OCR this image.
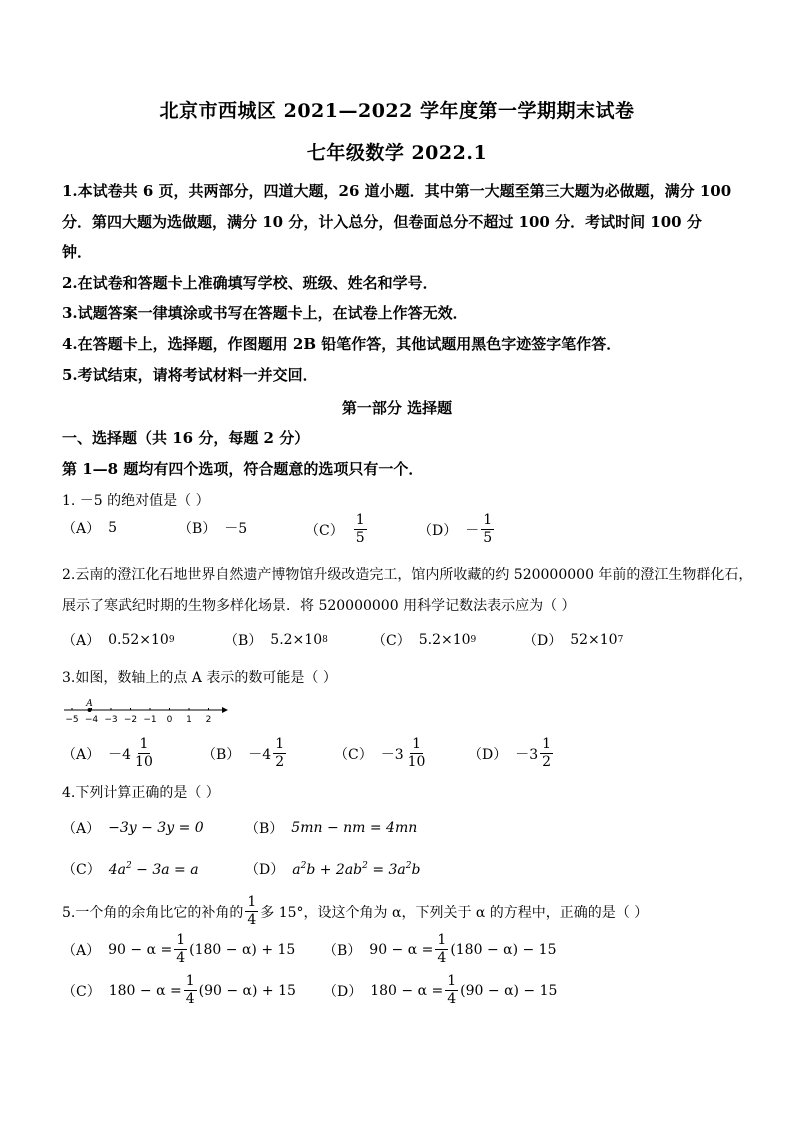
北京市西城区 2021—2022 学年度第一学期期末试卷
七年级数学 2022.1
1.本试卷共 6 页，共两部分，四道大题，26 道小题．其中第一大题至第三大题为必做题，满分 100
分．第四大题为选做题，满分 10 分，计入总分，但卷面总分不超过 100 分．考试时间 100 分
钟．
2.在试卷和答题卡上准确填写学校、班级、姓名和学号．
3.试题答案一律填涂或书写在答题卡上，在试卷上作答无效．
4.在答题卡上，选择题，作图题用 2B 铅笔作答，其他试题用黑色字迹签字笔作答．
5.考试结束，请将考试材料一并交回．
第一部分 选择题
一、选择题（共 16 分，每题 2 分）
第 1—8 题均有四个选项，符合题意的选项只有一个．
1. －5 的绝对值是（ ）
（A） 5	（B） －5	$(C) \frac{1}{5}$	$(D) - \frac{1}{5}$
2.云南的澄江化石地世界自然遗产博物馆升级改造完工，馆内所收藏的约 520000000 年前的澄江生物群化石，
展示了寒武纪时期的生物多样化场景．将 520000000 用科学记数法表示应为（ ）
（A） 0.52×10 9	（B） 5.2×10 8	（C） 5.2×10 9	（D） 52×10 7
3.如图，数轴上的点 A 表示的数可能是（ ）
−5 −4 −3 −2 −1 0 1 2
A
$(A) -4 \frac{1}{10}$	$(B) -4 \frac{1}{2}$	$(C) -3 \frac{1}{10}$	$(D) -3 \frac{1}{2}$
4.下列计算正确的是（ ）
（A） −3y − 3y = 0	（B） 5mn − nm = 4mn
（C） $4a^2 - 3a = a$	（D） $a^2b + 2ab^2 = 3a^2b$
5.一个角的余角比它的补角的 $\frac{1}{4}$ 多 15°，设这个角为 α，下列关于 α 的方程中，正确的是（ ）
（A） $90 - \alpha = \frac{1}{4} (180 - \alpha) + 15$ （B） $90 - \alpha = \frac{1}{4} (180 - \alpha) - 15$
（C） $180 - \alpha = \frac{1}{4} (90 - \alpha) + 15$ （D） $180 - \alpha = \frac{1}{4} (90 - \alpha) - 15$
